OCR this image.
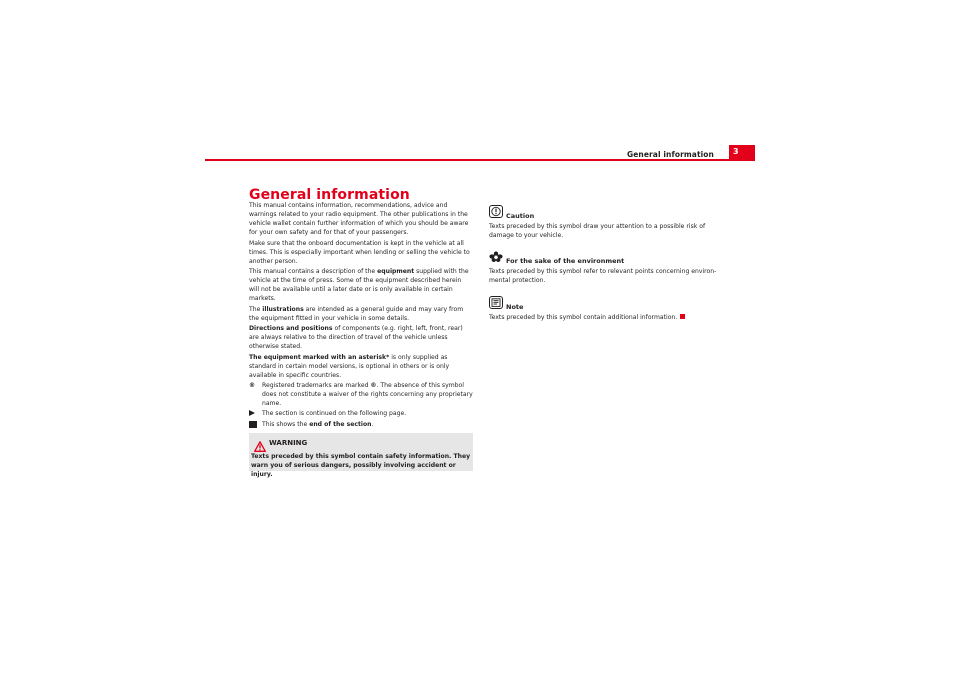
General information	3
General information

This manual contains information, recommendations, advice and warnings related to your radio equipment. The other publications in the vehicle wallet contain further information of which you should be aware for your own safety and for that of your passengers.

Make sure that the onboard documentation is kept in the vehicle at all times. This is especially important when lending or selling the vehicle to another person.

This manual contains a description of the equipment supplied with the vehicle at the time of press. Some of the equipment described herein will not be available until a later date or is only available in certain markets.

The illustrations are intended as a general guide and may vary from the equipment fitted in your vehicle in some details.

Directions and positions of components (e.g. right, left, front, rear) are always relative to the direction of travel of the vehicle unless otherwise stated.

The equipment marked with an asterisk* is only supplied as standard in certain model versions, is optional in others or is only available in specific countries.

®	Registered trademarks are marked ®. The absence of this symbol does not constitute a waiver of the rights concerning any proprietary name.
The section is continued on the following page.
This shows the end of the section.
WARNING
Texts preceded by this symbol contain safety information. They warn you of serious dangers, possibly involving accident or injury.
Caution
Texts preceded by this symbol draw your attention to a possible risk of damage to your vehicle.
For the sake of the environment
Texts preceded by this symbol refer to relevant points concerning environ-mental protection.
Note
Texts preceded by this symbol contain additional information.
